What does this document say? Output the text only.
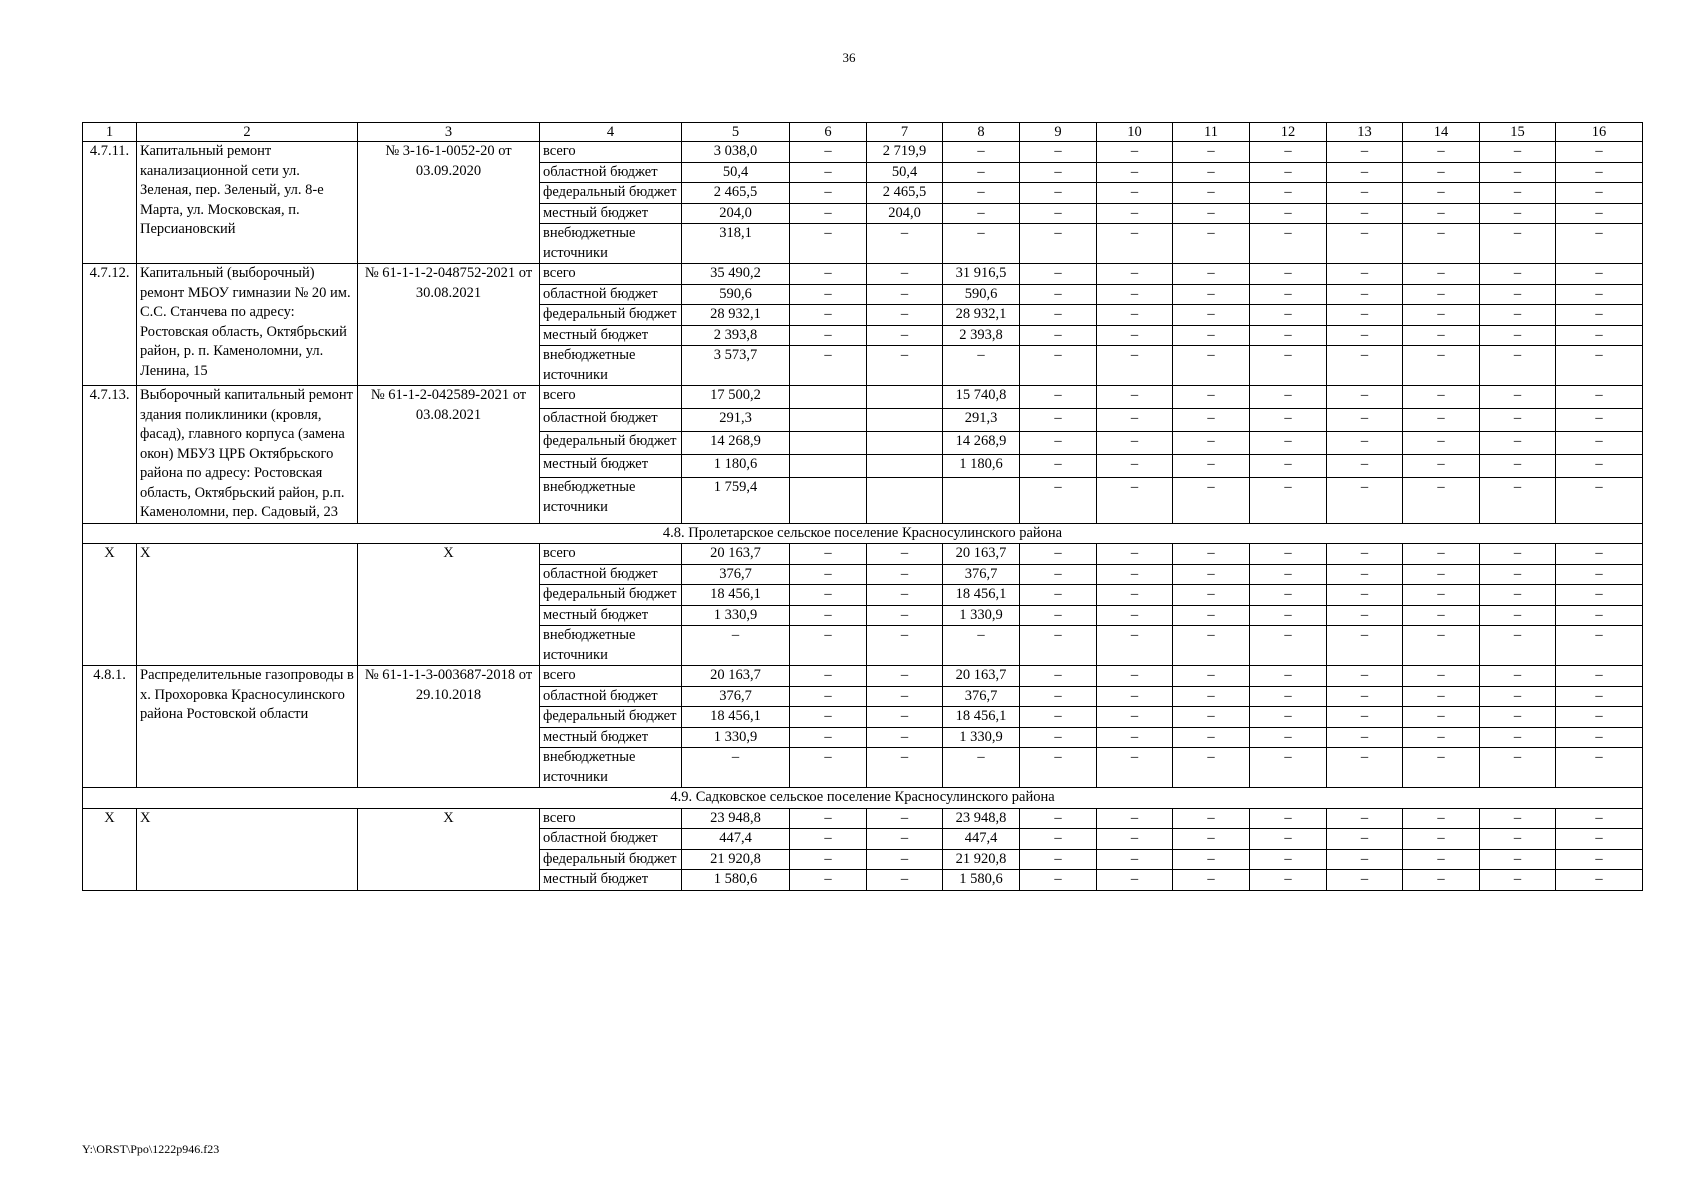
36
1	2	3	4	5	6	7	8	9	10	11	12	13	14	15	16
4.7.11.	Капитальный ремонт канализационной сети ул. Зеленая, пер. Зеленый, ул. 8-е Марта, ул. Московская, п. Персиановский	№ 3-16-1-0052-20 от 03.09.2020	всего	3 038,0	–	2 719,9	–	–	–	–	–	–	–	–	–
			областной бюджет	50,4	–	50,4	–	–	–	–	–	–	–	–	–
			федеральный бюджет	2 465,5	–	2 465,5	–	–	–	–	–	–	–	–	–
			местный бюджет	204,0	–	204,0	–	–	–	–	–	–	–	–	–
			внебюджетные источники	318,1	–	–	–	–	–	–	–	–	–	–	–
4.7.12.	Капитальный (выборочный) ремонт МБОУ гимназии № 20 им. С.С. Станчева по адресу: Ростовская область, Октябрьский район, р. п. Каменоломни, ул. Ленина, 15	№ 61-1-1-2-048752-2021 от 30.08.2021	всего	35 490,2	–	–	31 916,5	–	–	–	–	–	–	–	–
			областной бюджет	590,6	–	–	590,6	–	–	–	–	–	–	–	–
			федеральный бюджет	28 932,1	–	–	28 932,1	–	–	–	–	–	–	–	–
			местный бюджет	2 393,8	–	–	2 393,8	–	–	–	–	–	–	–	–
			внебюджетные источники	3 573,7	–	–	–	–	–	–	–	–	–	–	–
4.7.13.	Выборочный капитальный ремонт здания поликлиники (кровля, фасад), главного корпуса (замена окон) МБУЗ ЦРБ Октябрьского района по адресу: Ростовская область, Октябрьский район, р.п. Каменоломни, пер. Садовый, 23	№ 61-1-2-042589-2021 от 03.08.2021	всего	17 500,2			15 740,8	–	–	–	–	–	–	–	–
			областной бюджет	291,3			291,3	–	–	–	–	–	–	–	–
			федеральный бюджет	14 268,9			14 268,9	–	–	–	–	–	–	–	–
			местный бюджет	1 180,6			1 180,6	–	–	–	–	–	–	–	–
			внебюджетные источники	1 759,4				–	–	–	–	–	–	–	–
4.8. Пролетарское сельское поселение Красносулинского района															
Х	Х	Х	всего	20 163,7	–	–	20 163,7	–	–	–	–	–	–	–	–
			областной бюджет	376,7	–	–	376,7	–	–	–	–	–	–	–	–
			федеральный бюджет	18 456,1	–	–	18 456,1	–	–	–	–	–	–	–	–
			местный бюджет	1 330,9	–	–	1 330,9	–	–	–	–	–	–	–	–
			внебюджетные источники	–	–	–	–	–	–	–	–	–	–	–	–
4.8.1.	Распределительные газопроводы в х. Прохоровка Красносулинского района Ростовской области	№ 61-1-1-3-003687-2018 от 29.10.2018	всего	20 163,7	–	–	20 163,7	–	–	–	–	–	–	–	–
			областной бюджет	376,7	–	–	376,7	–	–	–	–	–	–	–	–
			федеральный бюджет	18 456,1	–	–	18 456,1	–	–	–	–	–	–	–	–
			местный бюджет	1 330,9	–	–	1 330,9	–	–	–	–	–	–	–	–
			внебюджетные источники	–	–	–	–	–	–	–	–	–	–	–	–
4.9. Садковское сельское поселение Красносулинского района															
Х	Х	Х	всего	23 948,8	–	–	23 948,8	–	–	–	–	–	–	–	–
			областной бюджет	447,4	–	–	447,4	–	–	–	–	–	–	–	–
			федеральный бюджет	21 920,8	–	–	21 920,8	–	–	–	–	–	–	–	–
			местный бюджет	1 580,6	–	–	1 580,6	–	–	–	–	–	–	–	–
Y:\ORST\Ppo\1222p946.f23
